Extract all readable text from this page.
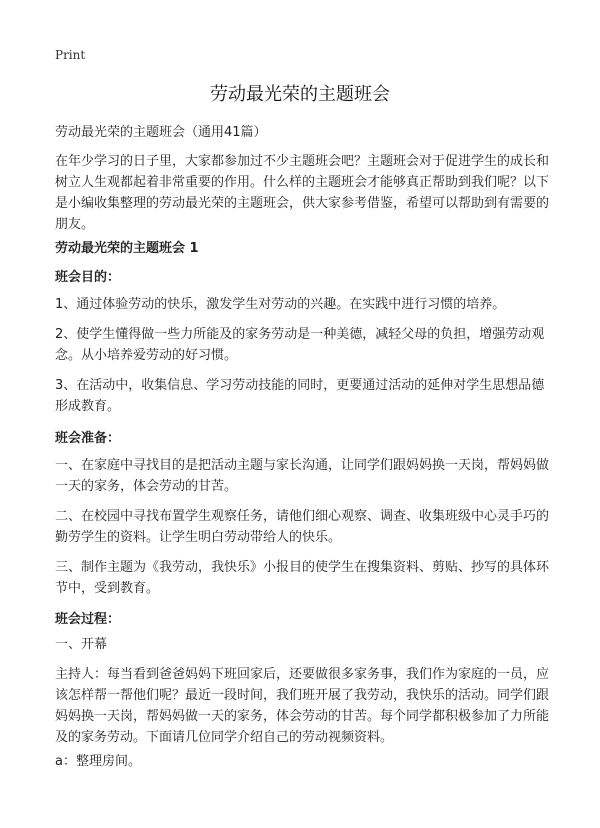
Print
劳动最光荣的主题班会
劳动最光荣的主题班会（通用41篇）
在年少学习的日子里，大家都参加过不少主题班会吧？主题班会对于促进学生的成长和树立人生观都起着非常重要的作用。什么样的主题班会才能够真正帮助到我们呢？以下是小编收集整理的劳动最光荣的主题班会，供大家参考借鉴，希望可以帮助到有需要的朋友。
劳动最光荣的主题班会 1
班会目的：
1、通过体验劳动的快乐，激发学生对劳动的兴趣。在实践中进行习惯的培养。
2、使学生懂得做一些力所能及的家务劳动是一种美德，减轻父母的负担，增强劳动观念。从小培养爱劳动的好习惯。
3、在活动中，收集信息、学习劳动技能的同时，更要通过活动的延伸对学生思想品德形成教育。
班会准备：
一、在家庭中寻找目的是把活动主题与家长沟通，让同学们跟妈妈换一天岗，帮妈妈做一天的家务，体会劳动的甘苦。
二、在校园中寻找布置学生观察任务，请他们细心观察、调查、收集班级中心灵手巧的勤劳学生的资料。让学生明白劳动带给人的快乐。
三、制作主题为《我劳动，我快乐》小报目的使学生在搜集资料、剪贴、抄写的具体环节中，受到教育。
班会过程：
一、开幕
主持人：每当看到爸爸妈妈下班回家后，还要做很多家务事，我们作为家庭的一员，应该怎样帮一帮他们呢？最近一段时间，我们班开展了我劳动，我快乐的活动。同学们跟妈妈换一天岗，帮妈妈做一天的家务，体会劳动的甘苦。每个同学都积极参加了力所能及的家务劳动。下面请几位同学介绍自己的劳动视频资料。
a：整理房间。
